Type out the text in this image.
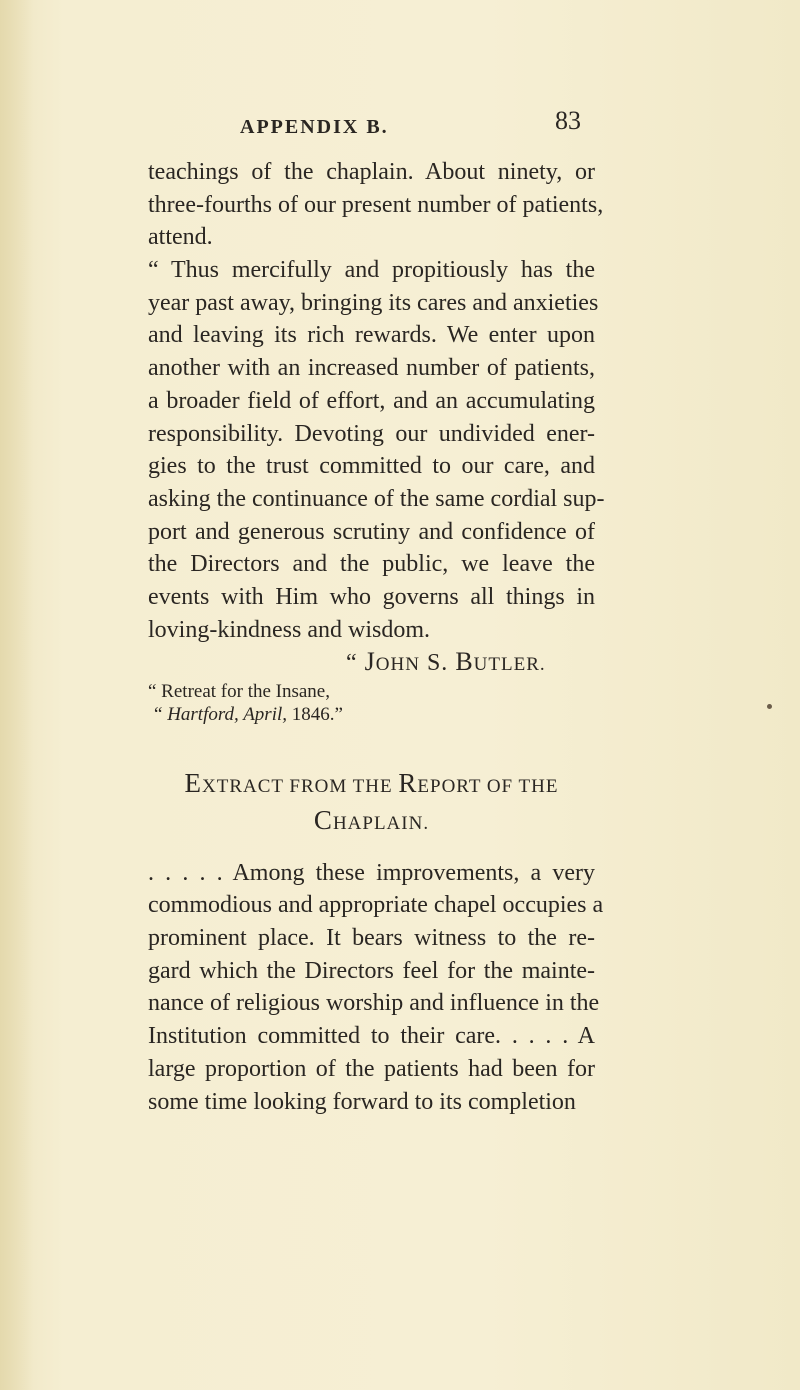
APPENDIX B.	83
teachings of the chaplain. About ninety, or
three-fourths of our present number of patients,
attend.
“ Thus mercifully and propitiously has the
year past away, bringing its cares and anxieties
and leaving its rich rewards. We enter upon
another with an increased number of patients,
a broader field of effort, and an accumulating
responsibility. Devoting our undivided ener-
gies to the trust committed to our care, and
asking the continuance of the same cordial sup-
port and generous scrutiny and confidence of
the Directors and the public, we leave the
events with Him who governs all things in
loving-kindness and wisdom.
“ JOHN S. BUTLER.
“ Retreat for the Insane,
“ Hartford, April, 1846.”
EXTRACT FROM THE REPORT OF THE
CHAPLAIN.
. . . . . Among these improvements, a very
commodious and appropriate chapel occupies a
prominent place. It bears witness to the re-
gard which the Directors feel for the mainte-
nance of religious worship and influence in the
Institution committed to their care. . . . . A
large proportion of the patients had been for
some time looking forward to its completion
